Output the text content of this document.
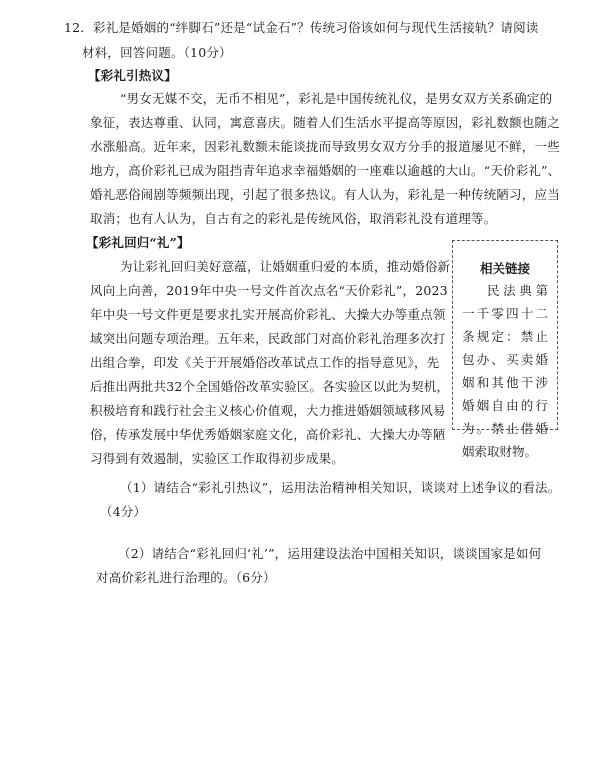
12．彩礼是婚姻的“绊脚石”还是“试金石”？传统习俗该如何与现代生活接轨？请阅读
材料，回答问题。（10分）
【彩礼引热议】
“男女无媒不交，无币不相见”，彩礼是中国传统礼仪，是男女双方关系确定的
象征，表达尊重、认同，寓意喜庆。随着人们生活水平提高等原因，彩礼数额也随之
水涨船高。近年来，因彩礼数额未能谈拢而导致男女双方分手的报道屡见不鲜，一些
地方，高价彩礼已成为阻挡青年追求幸福婚姻的一座难以逾越的大山。“天价彩礼”、
婚礼恶俗闹剧等频频出现，引起了很多热议。有人认为，彩礼是一种传统陋习，应当
取消；也有人认为，自古有之的彩礼是传统风俗，取消彩礼没有道理等。
【彩礼回归“礼”】
为让彩礼回归美好意蕴，让婚姻重归爱的本质，推动婚俗新
风向上向善，2019年中央一号文件首次点名“天价彩礼”，2023
年中央一号文件更是要求扎实开展高价彩礼、大操大办等重点领
域突出问题专项治理。五年来，民政部门对高价彩礼治理多次打
出组合拳，印发《关于开展婚俗改革试点工作的指导意见》，先
后推出两批共32个全国婚俗改革实验区。各实验区以此为契机，
积极培育和践行社会主义核心价值观，大力推进婚姻领域移风易
俗，传承发展中华优秀婚姻家庭文化，高价彩礼、大操大办等陋
习得到有效遏制，实验区工作取得初步成果。
相关链接
民法典第一千零四十二条规定：禁止包办、买卖婚姻和其他干涉婚姻自由的行为。禁止借婚姻索取财物。
（1）请结合“彩礼引热议”，运用法治精神相关知识，谈谈对上述争议的看法。
（4分）
（2）请结合“彩礼回归‘礼’”，运用建设法治中国相关知识，谈谈国家是如何
对高价彩礼进行治理的。（6分）
